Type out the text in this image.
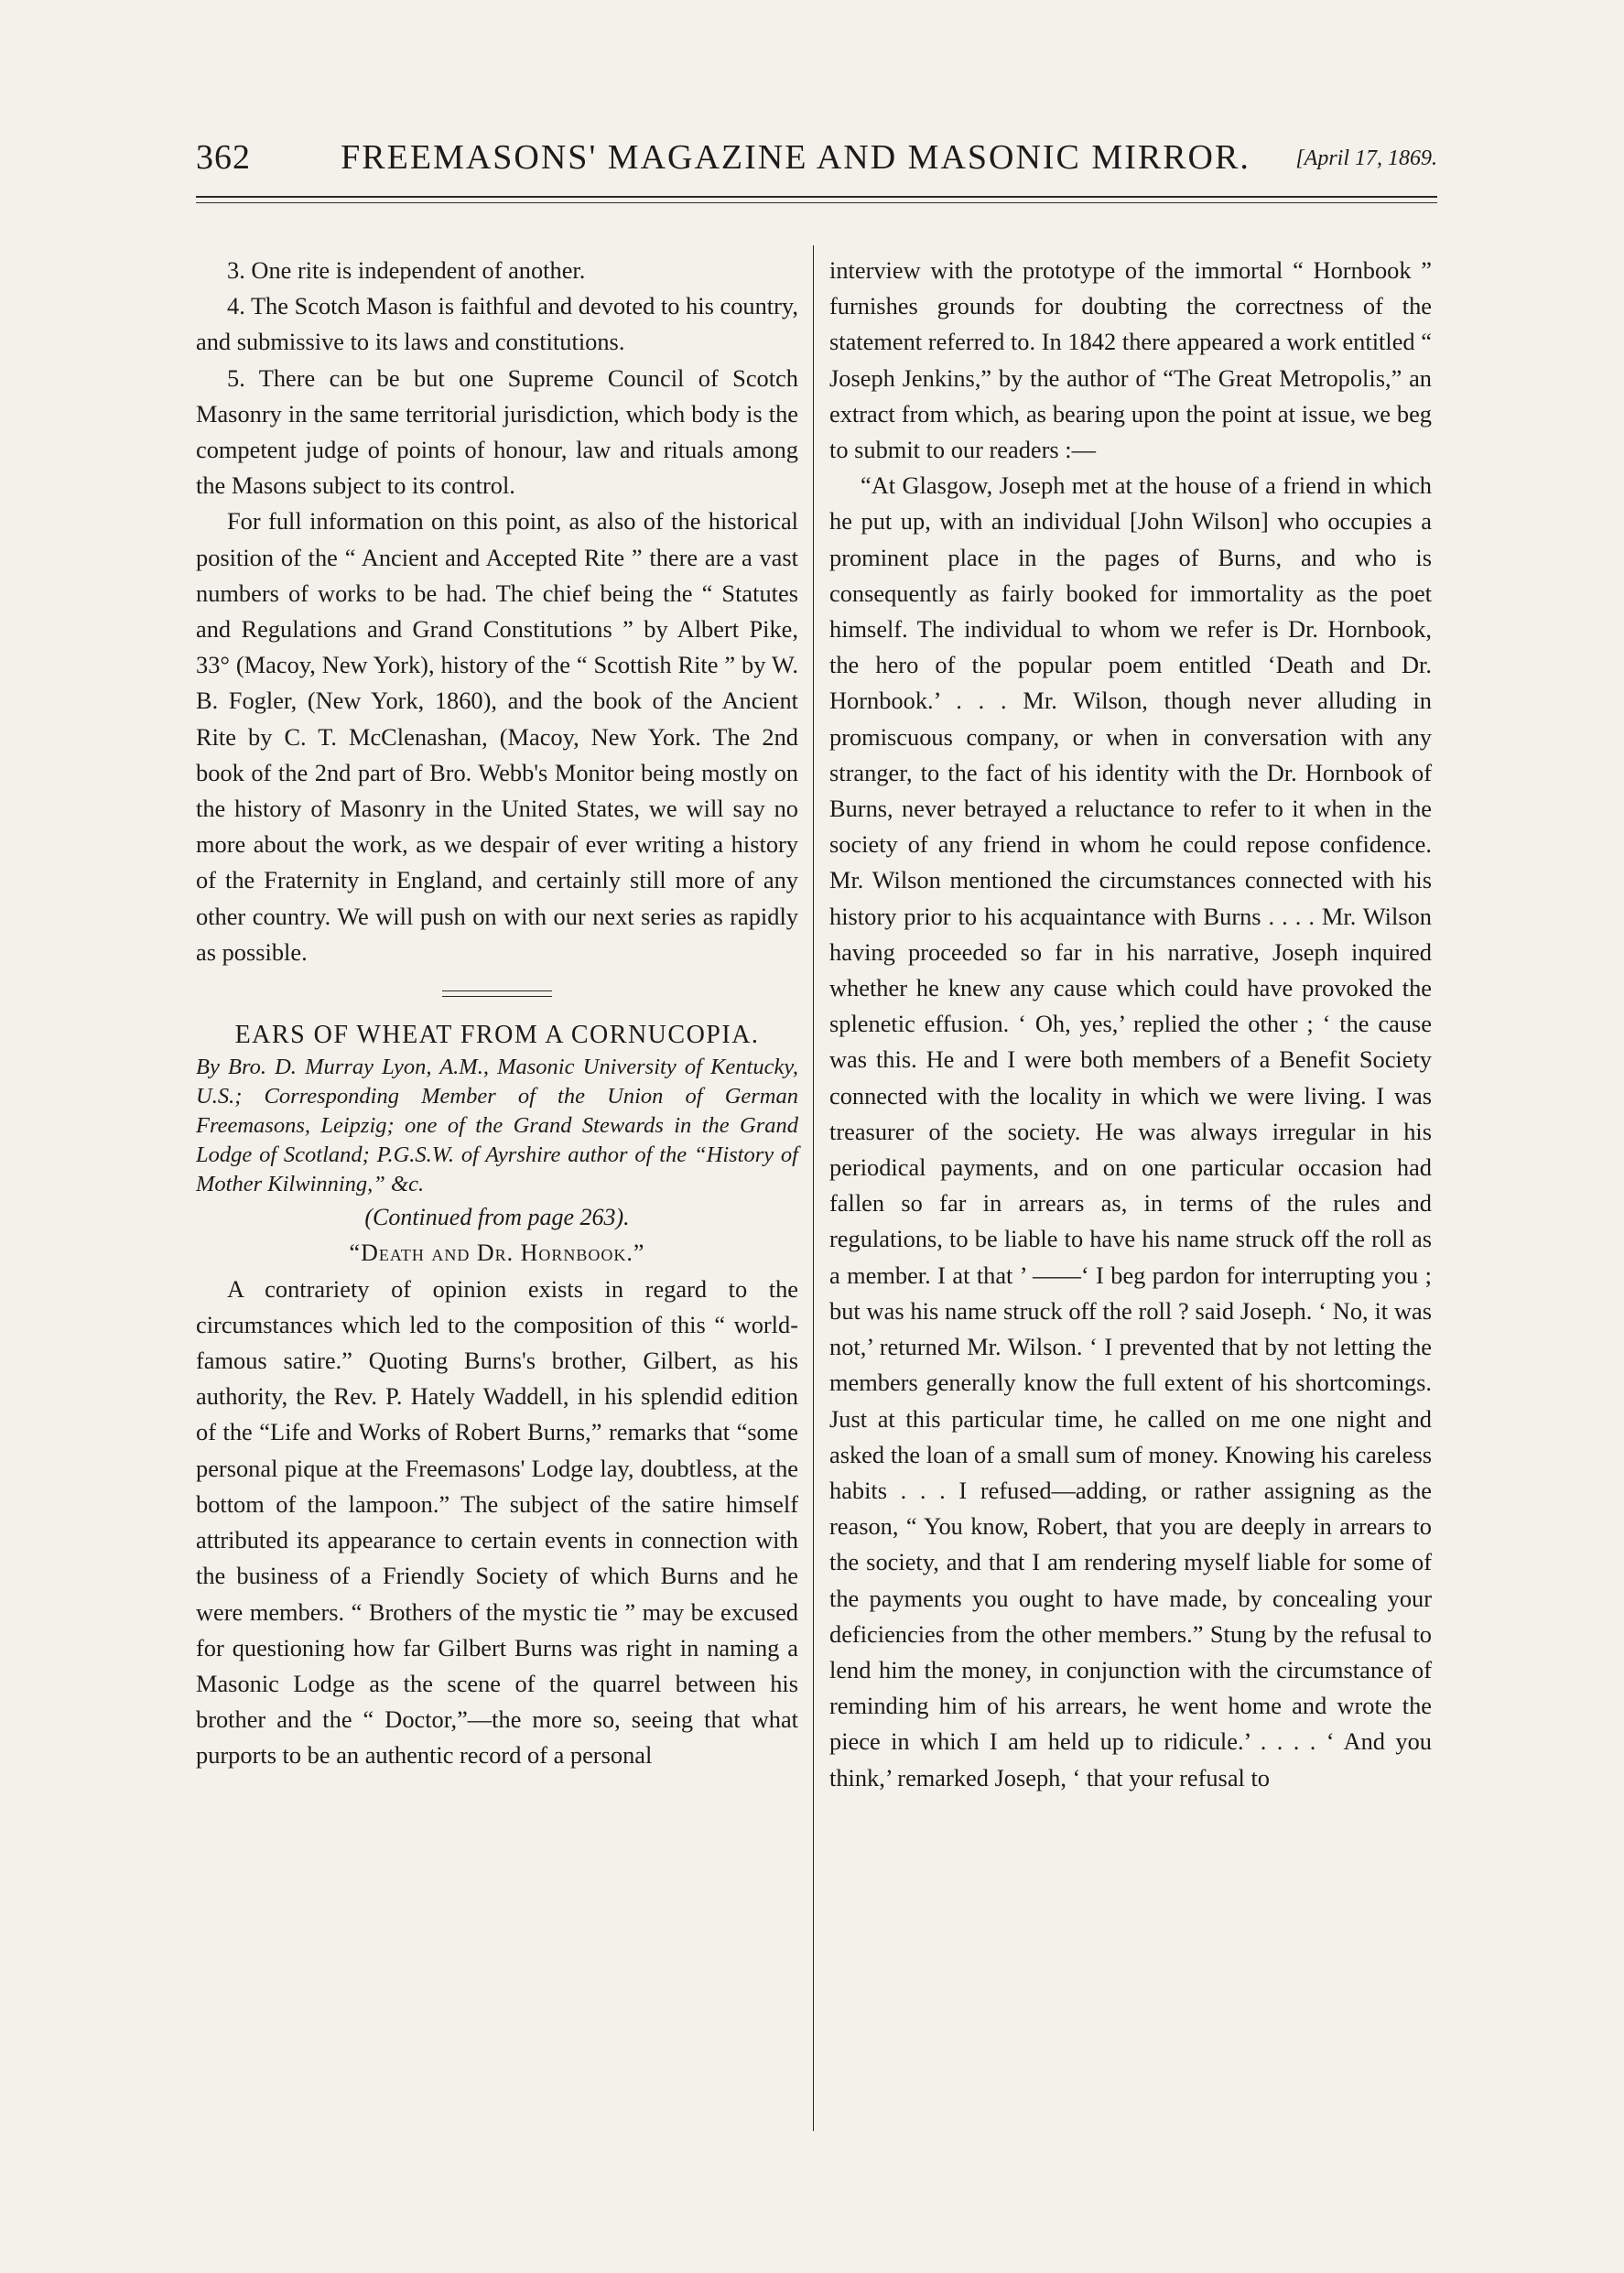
362	FREEMASONS' MAGAZINE AND MASONIC MIRROR.	[April 17, 1869.

3. One rite is independent of another.

4. The Scotch Mason is faithful and devoted to his country, and submissive to its laws and constitutions.

5. There can be but one Supreme Council of Scotch Masonry in the same territorial jurisdiction, which body is the competent judge of points of honour, law and rituals among the Masons subject to its control.

For full information on this point, as also of the historical position of the “ Ancient and Accepted Rite ” there are a vast numbers of works to be had. The chief being the “ Statutes and Regulations and Grand Constitutions ” by Albert Pike, 33° (Macoy, New York), history of the “ Scottish Rite ” by W. B. Fogler, (New York, 1860), and the book of the Ancient Rite by C. T. McClenashan, (Macoy, New York. The 2nd book of the 2nd part of Bro. Webb's Monitor being mostly on the history of Masonry in the United States, we will say no more about the work, as we despair of ever writing a history of the Fraternity in England, and certainly still more of any other country. We will push on with our next series as rapidly as possible.

EARS OF WHEAT FROM A CORNUCOPIA.

By Bro. D. Murray Lyon, A.M., Masonic University of Kentucky, U.S.; Corresponding Member of the Union of German Freemasons, Leipzig; one of the Grand Stewards in the Grand Lodge of Scotland; P.G.S.W. of Ayrshire author of the “History of Mother Kilwinning,” &c.

(Continued from page 263).

“Death and Dr. Hornbook.”

A contrariety of opinion exists in regard to the circumstances which led to the composition of this “ world-famous satire.” Quoting Burns's brother, Gilbert, as his authority, the Rev. P. Hately Waddell, in his splendid edition of the “Life and Works of Robert Burns,” remarks that “some personal pique at the Freemasons' Lodge lay, doubtless, at the bottom of the lampoon.” The subject of the satire himself attributed its appearance to certain events in connection with the business of a Friendly Society of which Burns and he were members. “ Brothers of the mystic tie ” may be excused for questioning how far Gilbert Burns was right in naming a Masonic Lodge as the scene of the quarrel between his brother and the “ Doctor,”—the more so, seeing that what purports to be an authentic record of a personal

interview with the prototype of the immortal “ Hornbook ” furnishes grounds for doubting the correctness of the statement referred to. In 1842 there appeared a work entitled “ Joseph Jenkins,” by the author of “The Great Metropolis,” an extract from which, as bearing upon the point at issue, we beg to submit to our readers :—

“At Glasgow, Joseph met at the house of a friend in which he put up, with an individual [John Wilson] who occupies a prominent place in the pages of Burns, and who is consequently as fairly booked for immortality as the poet himself. The individual to whom we refer is Dr. Hornbook, the hero of the popular poem entitled ‘Death and Dr. Hornbook.’ . . . Mr. Wilson, though never alluding in promiscuous company, or when in conversation with any stranger, to the fact of his identity with the Dr. Hornbook of Burns, never betrayed a reluctance to refer to it when in the society of any friend in whom he could repose confidence. Mr. Wilson mentioned the circumstances connected with his history prior to his acquaintance with Burns . . . . Mr. Wilson having proceeded so far in his narrative, Joseph inquired whether he knew any cause which could have provoked the splenetic effusion. ‘ Oh, yes,’ replied the other ; ‘ the cause was this. He and I were both members of a Benefit Society connected with the locality in which we were living. I was treasurer of the society. He was always irregular in his periodical payments, and on one particular occasion had fallen so far in arrears as, in terms of the rules and regulations, to be liable to have his name struck off the roll as a member. I at that ’ ——‘ I beg pardon for interrupting you ; but was his name struck off the roll ? said Joseph. ‘ No, it was not,’ returned Mr. Wilson. ‘ I prevented that by not letting the members generally know the full extent of his shortcomings. Just at this particular time, he called on me one night and asked the loan of a small sum of money. Knowing his careless habits . . . I refused—adding, or rather assigning as the reason, “ You know, Robert, that you are deeply in arrears to the society, and that I am rendering myself liable for some of the payments you ought to have made, by concealing your deficiencies from the other members.” Stung by the refusal to lend him the money, in conjunction with the circumstance of reminding him of his arrears, he went home and wrote the piece in which I am held up to ridicule.’ . . . . ‘ And you think,’ remarked Joseph, ‘ that your refusal to
